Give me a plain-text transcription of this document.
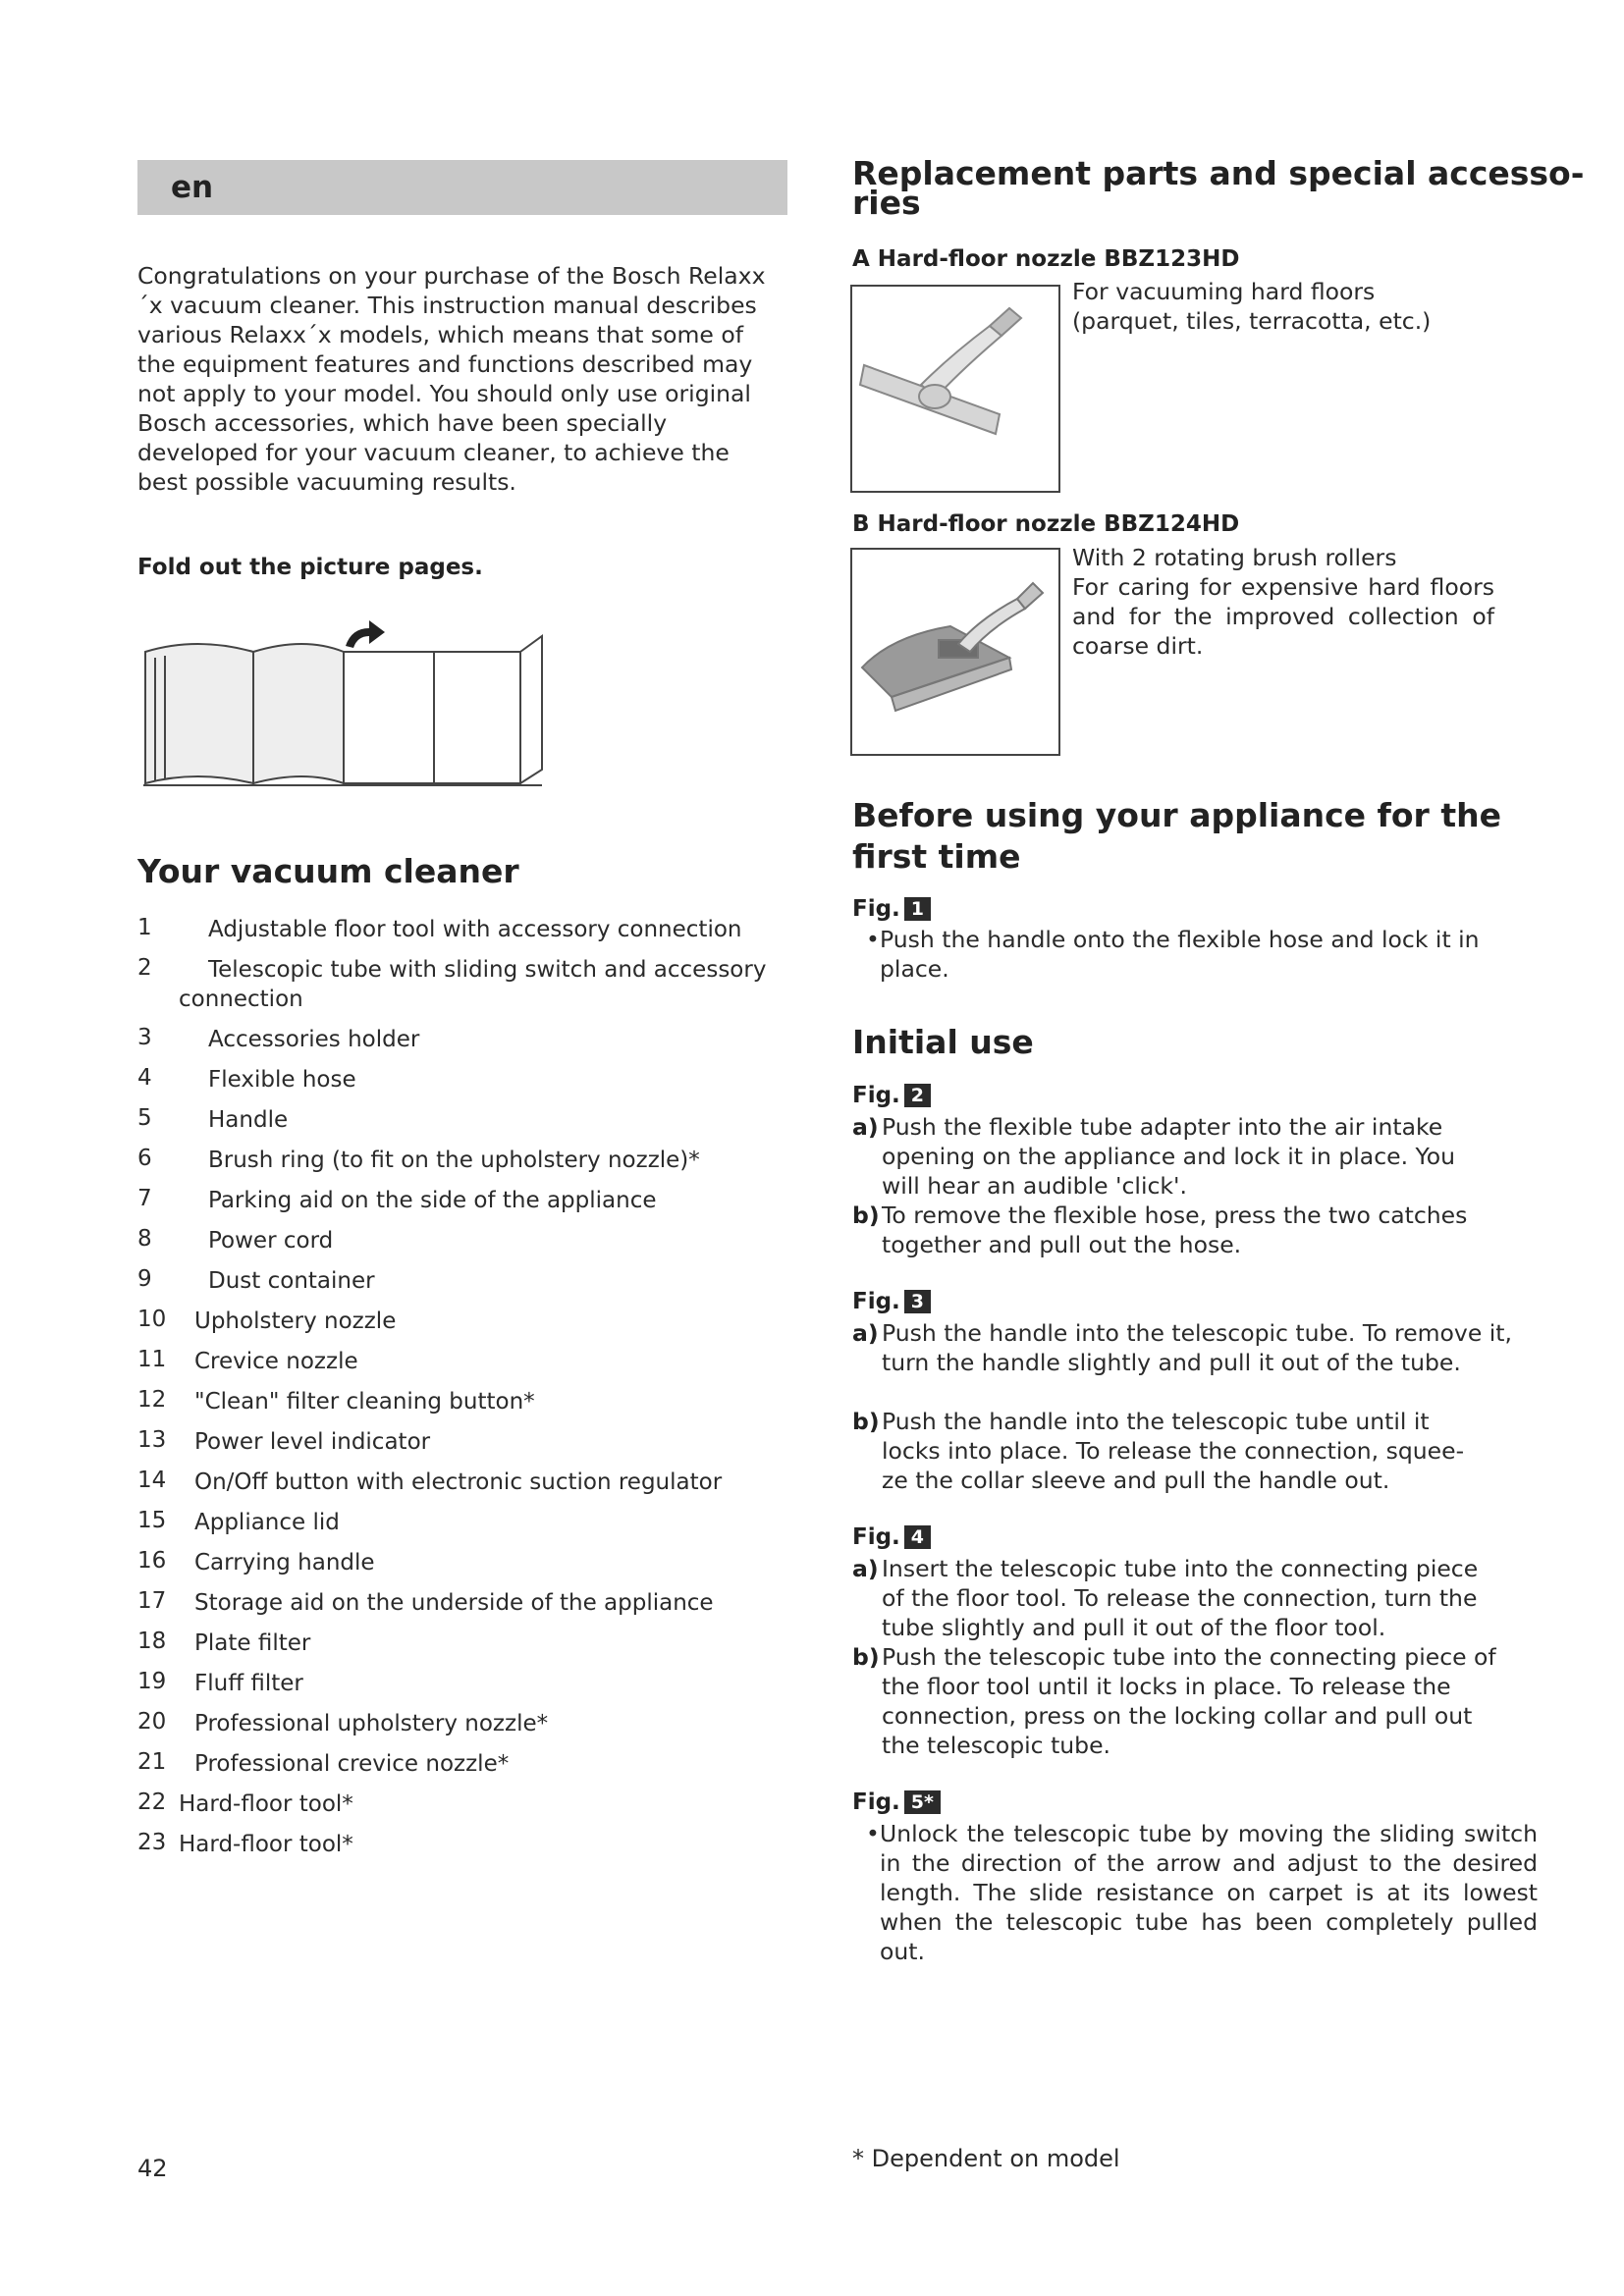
en
Congratulations on your purchase of the Bosch Relaxx´x vacuum cleaner. This instruction manual describes various Relaxx´x models, which means that some of the equipment features and functions described may not apply to your model. You should only use original Bosch accessories, which have been specially developed for your vacuum cleaner, to achieve the best possible vacuuming results.
Fold out the picture pages.
Your vacuum cleaner
1 Adjustable floor tool with accessory connection
2 Telescopic tube with sliding switch and accessory
connection
3 Accessories holder
4 Flexible hose
5 Handle
6 Brush ring (to fit on the upholstery nozzle)*
7 Parking aid on the side of the appliance
8 Power cord
9 Dust container
10 Upholstery nozzle
11 Crevice nozzle
12 "Clean" filter cleaning button*
13 Power level indicator
14 On/Off button with electronic suction regulator
15 Appliance lid
16 Carrying handle
17 Storage aid on the underside of the appliance
18 Plate filter
19 Fluff filter
20 Professional upholstery nozzle*
21 Professional crevice nozzle*
22 Hard-floor tool*
23 Hard-floor tool*
Replacement parts and special accesso-
ries
A Hard-floor nozzle BBZ123HD
For vacuuming hard floors
(parquet, tiles, terracotta, etc.)
B Hard-floor nozzle BBZ124HD
With 2 rotating brush rollers
For caring for expensive hard floors and for the improved collection of coarse dirt.
Before using your appliance for the first time
Fig. 1
• Push the handle onto the flexible hose and lock it in place.
Initial use
Fig. 2
a) Push the flexible tube adapter into the air intake opening on the appliance and lock it in place. You will hear an audible 'click'.
b) To remove the flexible hose, press the two catches together and pull out the hose.
Fig. 3
a) Push the handle into the telescopic tube. To remove it, turn the handle slightly and pull it out of the tube.
b) Push the handle into the telescopic tube until it locks into place. To release the connection, squee-ze the collar sleeve and pull the handle out.
Fig. 4
a) Insert the telescopic tube into the connecting piece of the floor tool. To release the connection, turn the tube slightly and pull it out of the floor tool.
b) Push the telescopic tube into the connecting piece of the floor tool until it locks in place. To release the connection, press on the locking collar and pull out the telescopic tube.
Fig. 5*
• Unlock the telescopic tube by moving the sliding switch in the direction of the arrow and adjust to the desired length. The slide resistance on carpet is at its lowest when the telescopic tube has been completely pulled out.
42	* Dependent on model
